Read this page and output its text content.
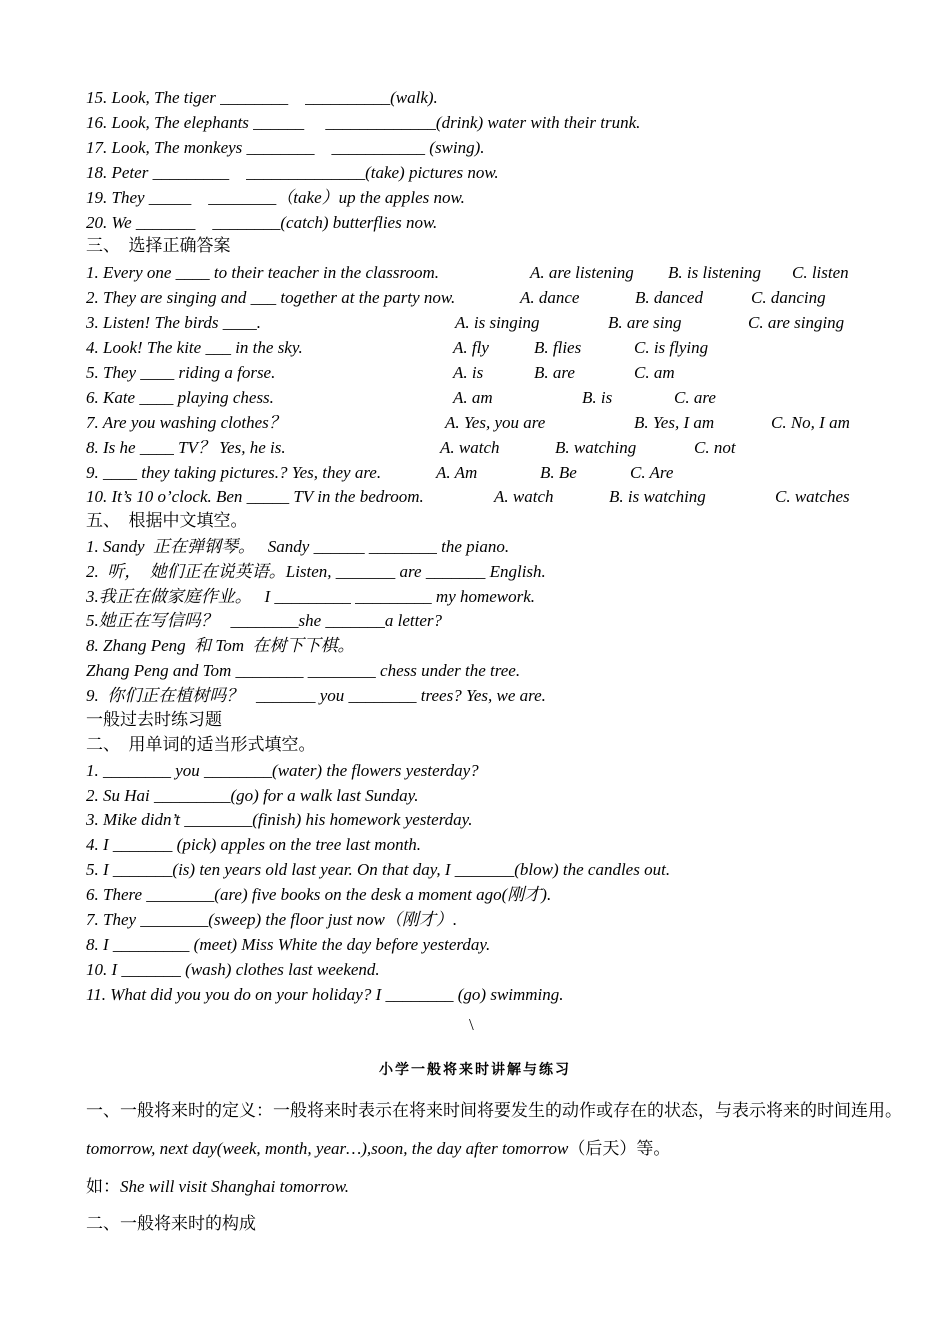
15. Look, The tiger ________    __________(walk).
16. Look, The elephants ______     _____________(drink) water with their trunk.
17. Look, The monkeys ________    ___________ (swing).
18. Peter _________    ______________(take) pictures now.
19. They _____    ________（take）up the apples now.
20. We _______    ________(catch) butterflies now.
三、  选择正确答案
1. Every one ____ to their teacher in the classroom.	A. are listening B. is listening C. listen
2. They are singing and ___ together at the party now.	A. dance	B. danced	C. dancing
3. Listen! The birds ____.	A. is singing	B. are sing	C. are singing
4. Look! The kite ___ in the sky.	A. fly	B. flies	C. is flying
5. They ____ riding a forse.	A. is	B. are	C. am
6. Kate ____ playing chess.	A. am	B. is	C. are
7. Are you washing clothes？	A. Yes, you are	B. Yes, I am	C. No, I am
8. Is he ____ TV？ Yes, he is.	A. watch	B. watching	C. not
9. ____ they taking pictures.? Yes, they are.	A. Am	B. Be	C. Are
10. It’s 10 o’clock. Ben _____ TV in the bedroom.	A. watch	B. is watching	C. watches
五、  根据中文填空。
1. Sandy  正在弹钢琴。   Sandy ______ ________ the piano.
2.  听，  她们正在说英语。Listen, _______ are _______ English.
3.我正在做家庭作业。   I _________ _________ my homework.
5.她正在写信吗？   ________she _______a letter?
8. Zhang Peng  和 Tom  在树下下棋。
Zhang Peng and Tom ________ ________ chess under the tree.
9.  你们正在植树吗？   _______ you ________ trees? Yes, we are.
一般过去时练习题
二、  用单词的适当形式填空。
1. ________ you ________(water) the flowers yesterday?
2. Su Hai _________(go) for a walk last Sunday.
3. Mike didn’t ________(finish) his homework yesterday.
4. I _______ (pick) apples on the tree last month.
5. I _______(is) ten years old last year. On that day, I _______(blow) the candles out.
6. There ________(are) five books on the desk a moment ago(刚才).
7. They ________(sweep) the floor just now（刚才）.
8. I _________ (meet) Miss White the day before yesterday.
10. I _______ (wash) clothes last weekend.
11. What did you you do on your holiday? I ________ (go) swimming.
\
小学一般将来时讲解与练习
一、一般将来时的定义：一般将来时表示在将来时间将要发生的动作或存在的状态，与表示将来的时间连用。tomorrow, next day(week, month, year…),soon, the day after tomorrow（后天）等。
如：She will visit Shanghai tomorrow.
二、一般将来时的构成
